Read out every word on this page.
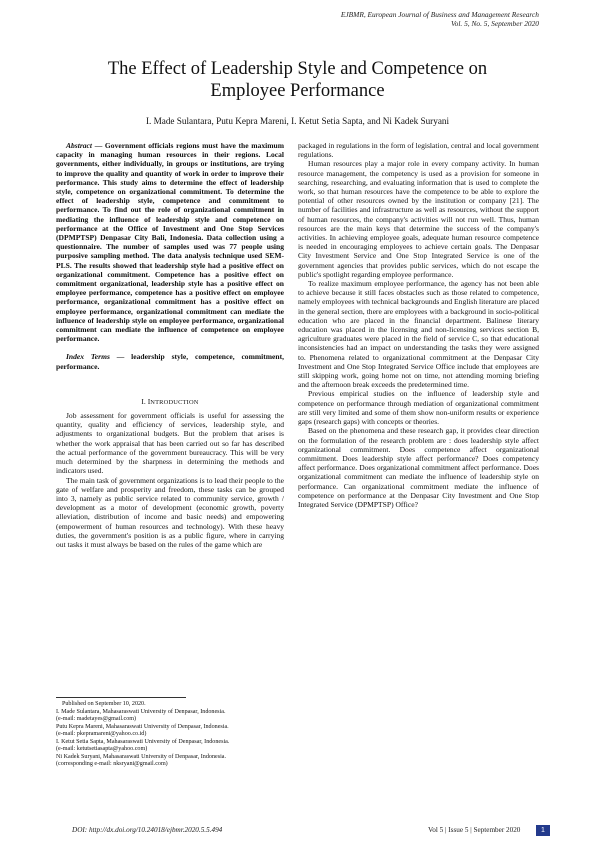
EJBMR, European Journal of Business and Management Research
Vol. 5, No. 5, September 2020
The Effect of Leadership Style and Competence on
Employee Performance
I. Made Sulantara, Putu Kepra Mareni, I. Ketut Setia Sapta, and Ni Kadek Suryani

Abstract — Government officials regions must have the maximum capacity in managing human resources in their regions. Local governments, either individually, in groups or institutions, are trying to improve the quality and quantity of work in order to improve their performance. This study aims to determine the effect of leadership style, competence on organizational commitment. To determine the effect of leadership style, competence and commitment to performance. To find out the role of organizational commitment in mediating the influence of leadership style and competence on performance at the Office of Investment and One Stop Services (DPMPTSP) Denpasar City Bali, Indonesia. Data collection using a questionnaire. The number of samples used was 77 people using purposive sampling method. The data analysis technique used SEM-PLS. The results showed that leadership style had a positive effect on organizational commitment. Competence has a positive effect on commitment organizational, leadership style has a positive effect on employee performance, competence has a positive effect on employee performance, organizational commitment has a positive effect on employee performance, organizational commitment can mediate the influence of leadership style on employee performance, organizational commitment can mediate the influence of competence on employee performance.

Index Terms — leadership style, competence, commitment, performance.

I. INTRODUCTION

Job assessment for government officials is useful for assessing the quantity, quality and efficiency of services, leadership style, and adjustments to organizational budgets. But the problem that arises is whether the work appraisal that has been carried out so far has described the actual performance of the government bureaucracy. This will be very much determined by the sharpness in determining the methods and indicators used.

The main task of government organizations is to lead their people to the gate of welfare and prosperity and freedom, these tasks can be grouped into 3, namely as public service related to community service, growth / development as a motor of development (economic growth, poverty alleviation, distribution of income and basic needs) and empowering (empowerment of human resources and technology). With these heavy duties, the government's position is as a public figure, where in carrying out tasks it must always be based on the rules of the game which are

packaged in regulations in the form of legislation, central and local government regulations.

Human resources play a major role in every company activity. In human resource management, the competency is used as a provision for someone in searching, researching, and evaluating information that is used to complete the work, so that human resources have the competence to be able to explore the potential of other resources owned by the institution or company [21]. The number of facilities and infrastructure as well as resources, without the support of human resources, the company's activities will not run well. Thus, human resources are the main keys that determine the success of the company's activities. In achieving employee goals, adequate human resource competence is needed in encouraging employees to achieve certain goals. The Denpasar City Investment Service and One Stop Integrated Service is one of the government agencies that provides public services, which do not escape the public's spotlight regarding employee performance.

To realize maximum employee performance, the agency has not been able to achieve because it still faces obstacles such as those related to competence, namely employees with technical backgrounds and English literature are placed in the general section, there are employees with a background in socio-political education who are placed in the financial department. Balinese literary education was placed in the licensing and non-licensing services section B, agriculture graduates were placed in the field of service C, so that educational inconsistencies had an impact on understanding the tasks they were assigned to. Phenomena related to organizational commitment at the Denpasar City Investment and One Stop Integrated Service Office include that employees are still skipping work, going home not on time, not attending morning briefing and the afternoon break exceeds the predetermined time.

Previous empirical studies on the influence of leadership style and competence on performance through mediation of organizational commitment are still very limited and some of them show non-uniform results or experience gaps (research gaps) with concepts or theories.

Based on the phenomena and these research gap, it provides clear direction on the formulation of the research problem are : does leadership style affect organizational commitment. Does competence affect organizational commitment. Does leadership style affect performance? Does competency affect performance. Does organizational commitment affect performance. Does organizational commitment can mediate the influence of leadership style on performance. Can organizational commitment mediate the influence of competence on performance at the Denpasar City Investment and One Stop Integrated Service (DPMPTSP) Office?

Published on September 10, 2020.
I. Made Sulantara, Mahasaraswati University of Denpasar, Indonesia.
(e-mail: madetayes@gmail.com)
Putu Kepra Mareni, Mahasaraswati University of Denpasar, Indonesia.
(e-mail: pkepramareni@yahoo.co.id)
I. Ketut Setia Sapta, Mahasaraswati University of Denpasar, Indonesia.
(e-mail: ketutsetiasapta@yahoo.com)
Ni Kadek Suryani, Mahasaraswati University of Denpasar, Indonesia.
(corresponding e-mail: nksryani@gmail.com)
DOI: http://dx.doi.org/10.24018/ejbmr.2020.5.5.494	Vol 5 | Issue 5 | September 2020	1
